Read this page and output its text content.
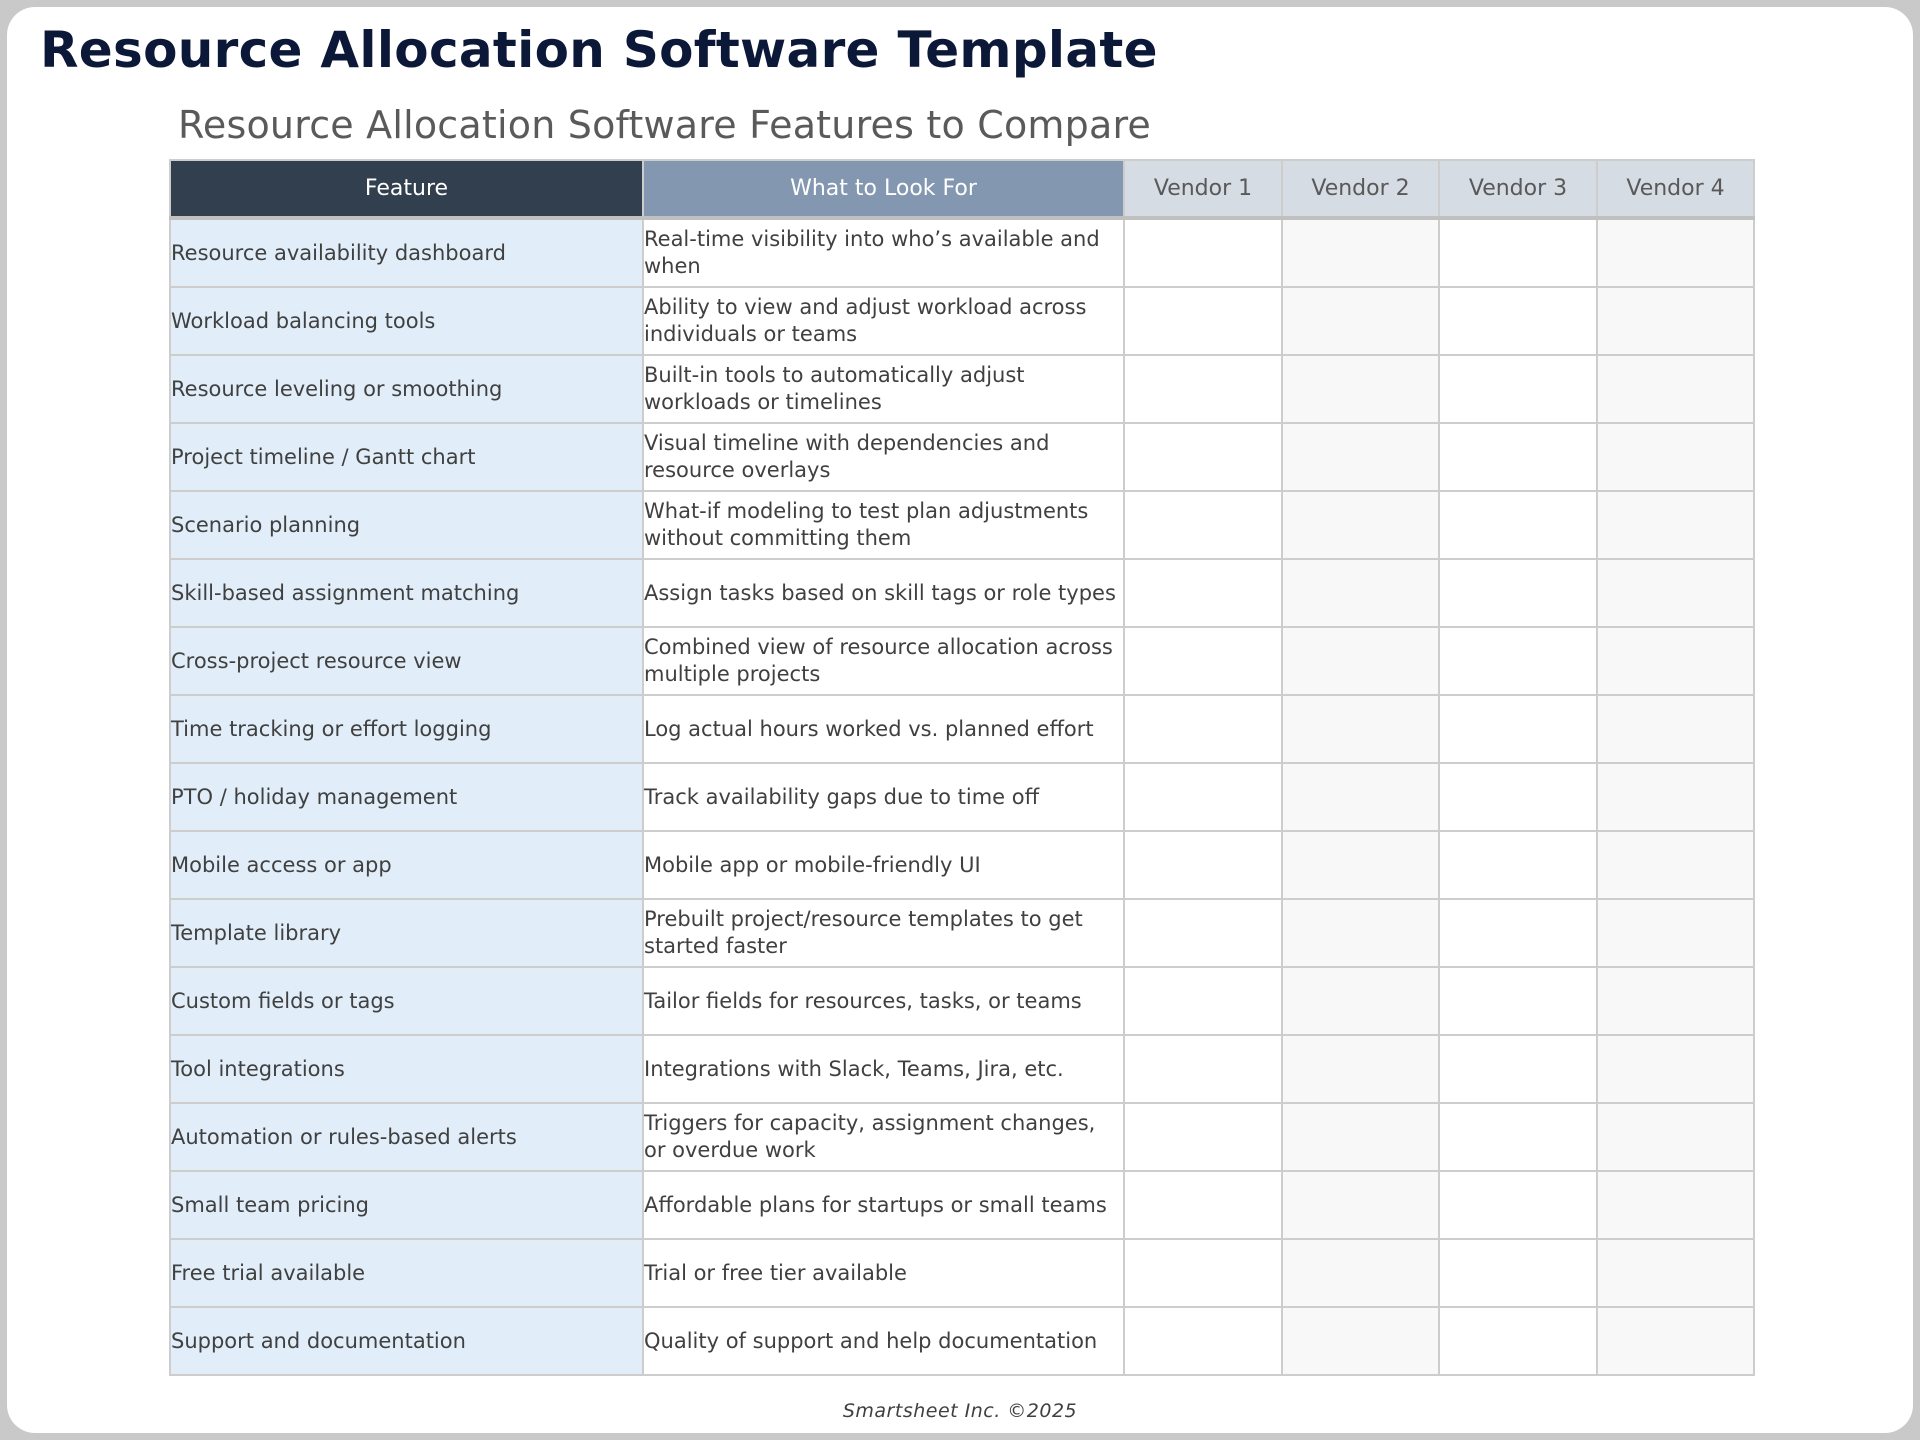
Resource Allocation Software Template
Resource Allocation Software Features to Compare
Feature	What to Look For	Vendor 1	Vendor 2	Vendor 3	Vendor 4
Resource availability dashboard	Real-time visibility into who’s available and when				
Workload balancing tools	Ability to view and adjust workload across individuals or teams				
Resource leveling or smoothing	Built-in tools to automatically adjust workloads or timelines				
Project timeline / Gantt chart	Visual timeline with dependencies and resource overlays				
Scenario planning	What-if modeling to test plan adjustments without committing them				
Skill-based assignment matching	Assign tasks based on skill tags or role types				
Cross-project resource view	Combined view of resource allocation across multiple projects				
Time tracking or effort logging	Log actual hours worked vs. planned effort				
PTO / holiday management	Track availability gaps due to time off				
Mobile access or app	Mobile app or mobile-friendly UI				
Template library	Prebuilt project/resource templates to get started faster				
Custom fields or tags	Tailor fields for resources, tasks, or teams				
Tool integrations	Integrations with Slack, Teams, Jira, etc.				
Automation or rules-based alerts	Triggers for capacity, assignment changes, or overdue work				
Small team pricing	Affordable plans for startups or small teams				
Free trial available	Trial or free tier available				
Support and documentation	Quality of support and help documentation				
Smartsheet Inc. ©2025
